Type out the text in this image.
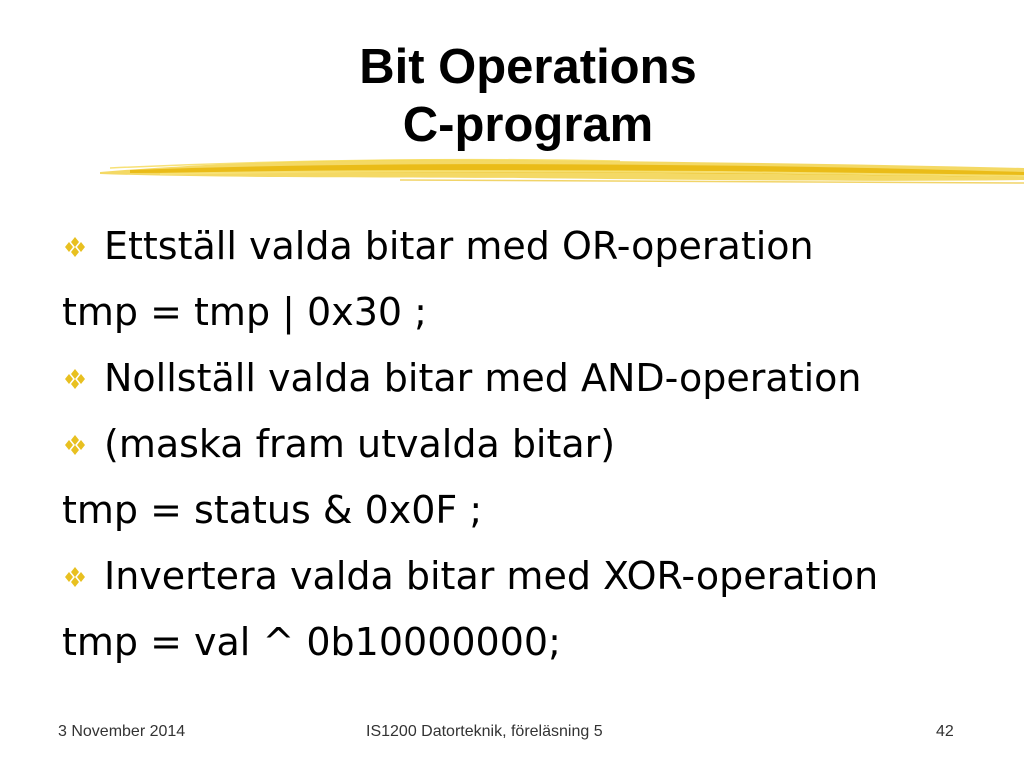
Bit Operations
C-program
Ettställ valda bitar med OR-operation
tmp = tmp | 0x30 ;
Nollställ valda bitar med AND-operation
(maska fram utvalda bitar)
tmp = status & 0x0F ;
Invertera valda bitar med XOR-operation
tmp = val ^ 0b10000000;
3 November 2014	IS1200 Datorteknik, föreläsning 5	42
